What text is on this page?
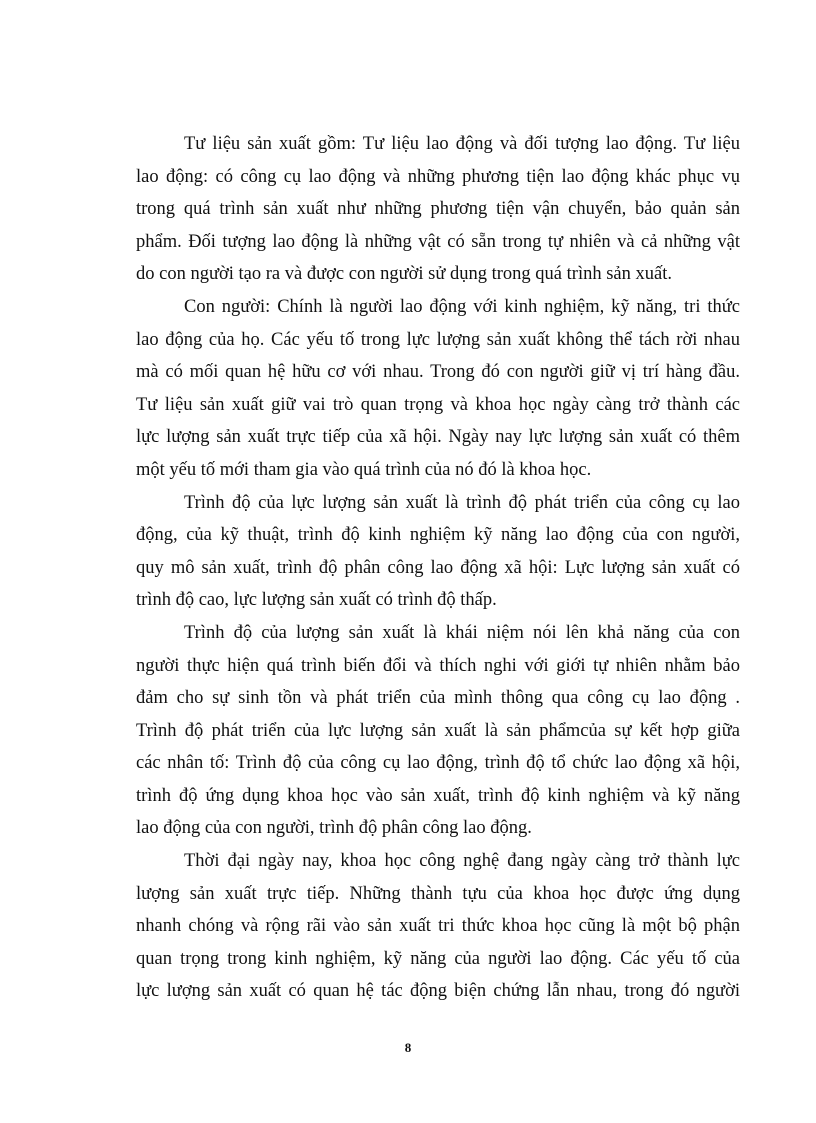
Tư liệu sản xuất gồm: Tư liệu lao động và đối tượng lao động. Tư liệu
lao động: có công cụ lao động và những phương tiện lao động khác phục vụ
trong quá trình sản xuất như những phương tiện vận chuyển, bảo quản sản
phẩm. Đối tượng lao động là những vật có sẵn trong tự nhiên và cả những vật
do con người tạo ra và được con người sử dụng trong quá trình sản xuất.
Con người: Chính là người lao động với kinh nghiệm, kỹ năng, tri thức
lao động của họ. Các yếu tố trong lực lượng sản xuất không thể tách rời nhau
mà có mối quan hệ hữu cơ với nhau. Trong đó con người giữ vị trí hàng đầu.
Tư liệu sản xuất giữ vai trò quan trọng và khoa học ngày càng trở thành các
lực lượng sản xuất trực tiếp của xã hội. Ngày nay lực lượng sản xuất có thêm
một yếu tố mới tham gia vào quá trình của nó đó là khoa học.
Trình độ của lực lượng sản xuất là trình độ phát triển của công cụ lao
động, của kỹ thuật, trình độ kinh nghiệm kỹ năng lao động của con người,
quy mô sản xuất, trình độ phân công lao động xã hội: Lực lượng sản xuất có
trình độ cao, lực lượng sản xuất có trình độ thấp.
Trình độ của lượng sản xuất là khái niệm nói lên khả năng của con
người thực hiện quá trình biến đổi và thích nghi với giới tự nhiên nhằm bảo
đảm cho sự sinh tồn và phát triển của mình thông qua công cụ lao động .
Trình độ phát triển của lực lượng sản xuất là sản phẩmcủa sự kết hợp giữa
các nhân tố: Trình độ của công cụ lao động, trình độ tổ chức lao động xã hội,
trình độ ứng dụng khoa học vào sản xuất, trình độ kinh nghiệm và kỹ năng
lao động của con người, trình độ phân công lao động.
Thời đại ngày nay, khoa học công nghệ đang ngày càng trở thành lực
lượng sản xuất trực tiếp. Những thành tựu của khoa học được ứng dụng
nhanh chóng và rộng rãi vào sản xuất tri thức khoa học cũng là một bộ phận
quan trọng trong kinh nghiệm, kỹ năng của người lao động. Các yếu tố của
lực lượng sản xuất có quan hệ tác động biện chứng lẫn nhau, trong đó người
8
